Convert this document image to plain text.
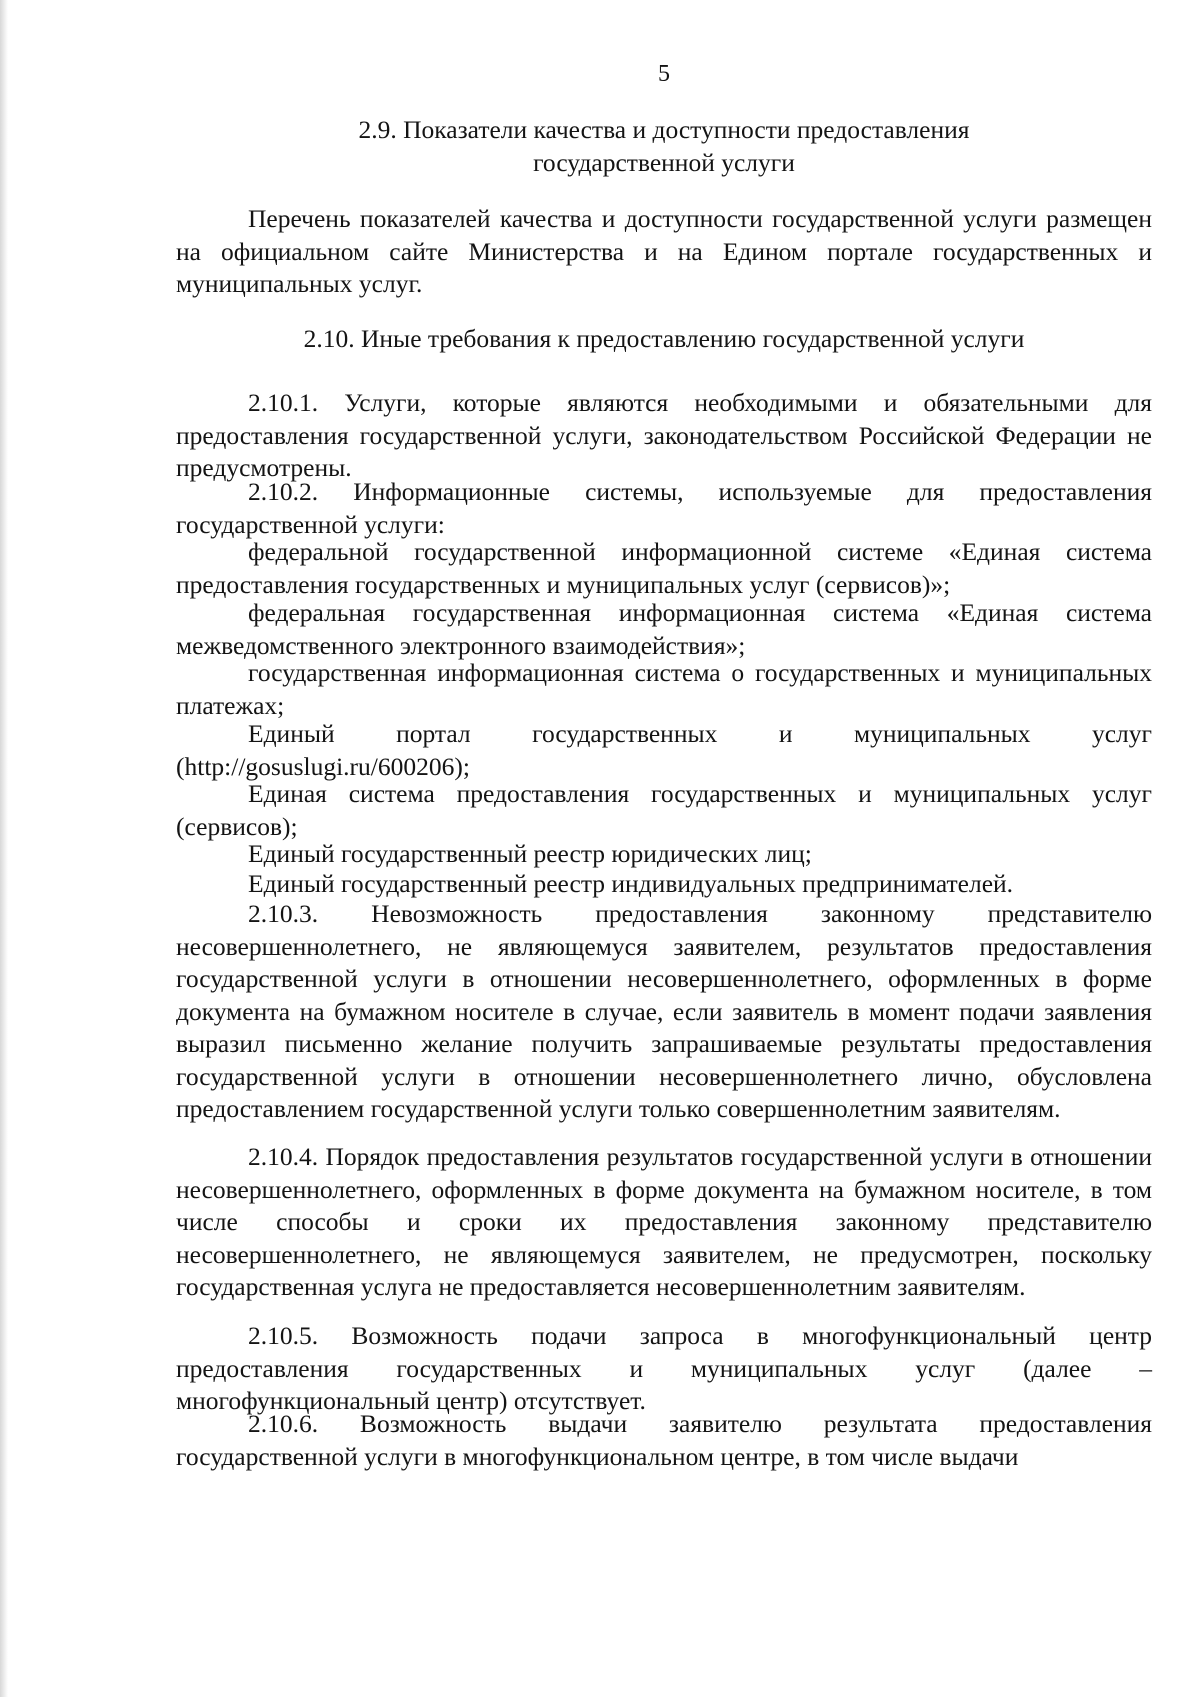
5
2.9. Показатели качества и доступности предоставления
государственной услуги

Перечень показателей качества и доступности государственной услуги размещен на официальном сайте Министерства и на Едином портале государственных и муниципальных услуг.

2.10. Иные требования к предоставлению государственной услуги

2.10.1. Услуги, которые являются необходимыми и обязательными для предоставления государственной услуги, законодательством Российской Федерации не предусмотрены.

2.10.2. Информационные системы, используемые для предоставления государственной услуги:

федеральной государственной информационной системе «Единая система предоставления государственных и муниципальных услуг (сервисов)»;

федеральная государственная информационная система «Единая система межведомственного электронного взаимодействия»;

государственная информационная система о государственных и муниципальных платежах;

Единый портал государственных и муниципальных услуг (http://gosuslugi.ru/600206);

Единая система предоставления государственных и муниципальных услуг (сервисов);

Единый государственный реестр юридических лиц;

Единый государственный реестр индивидуальных предпринимателей.

2.10.3. Невозможность предоставления законному представителю несовершеннолетнего, не являющемуся заявителем, результатов предоставления государственной услуги в отношении несовершеннолетнего, оформленных в форме документа на бумажном носителе в случае, если заявитель в момент подачи заявления выразил письменно желание получить запрашиваемые результаты предоставления государственной услуги в отношении несовершеннолетнего лично, обусловлена предоставлением государственной услуги только совершеннолетним заявителям.

2.10.4. Порядок предоставления результатов государственной услуги в отношении несовершеннолетнего, оформленных в форме документа на бумажном носителе, в том числе способы и сроки их предоставления законному представителю несовершеннолетнего, не являющемуся заявителем, не предусмотрен, поскольку государственная услуга не предоставляется несовершеннолетним заявителям.

2.10.5. Возможность подачи запроса в многофункциональный центр предоставления государственных и муниципальных услуг (далее – многофункциональный центр) отсутствует.

2.10.6. Возможность выдачи заявителю результата предоставления государственной услуги в многофункциональном центре, в том числе выдачи
